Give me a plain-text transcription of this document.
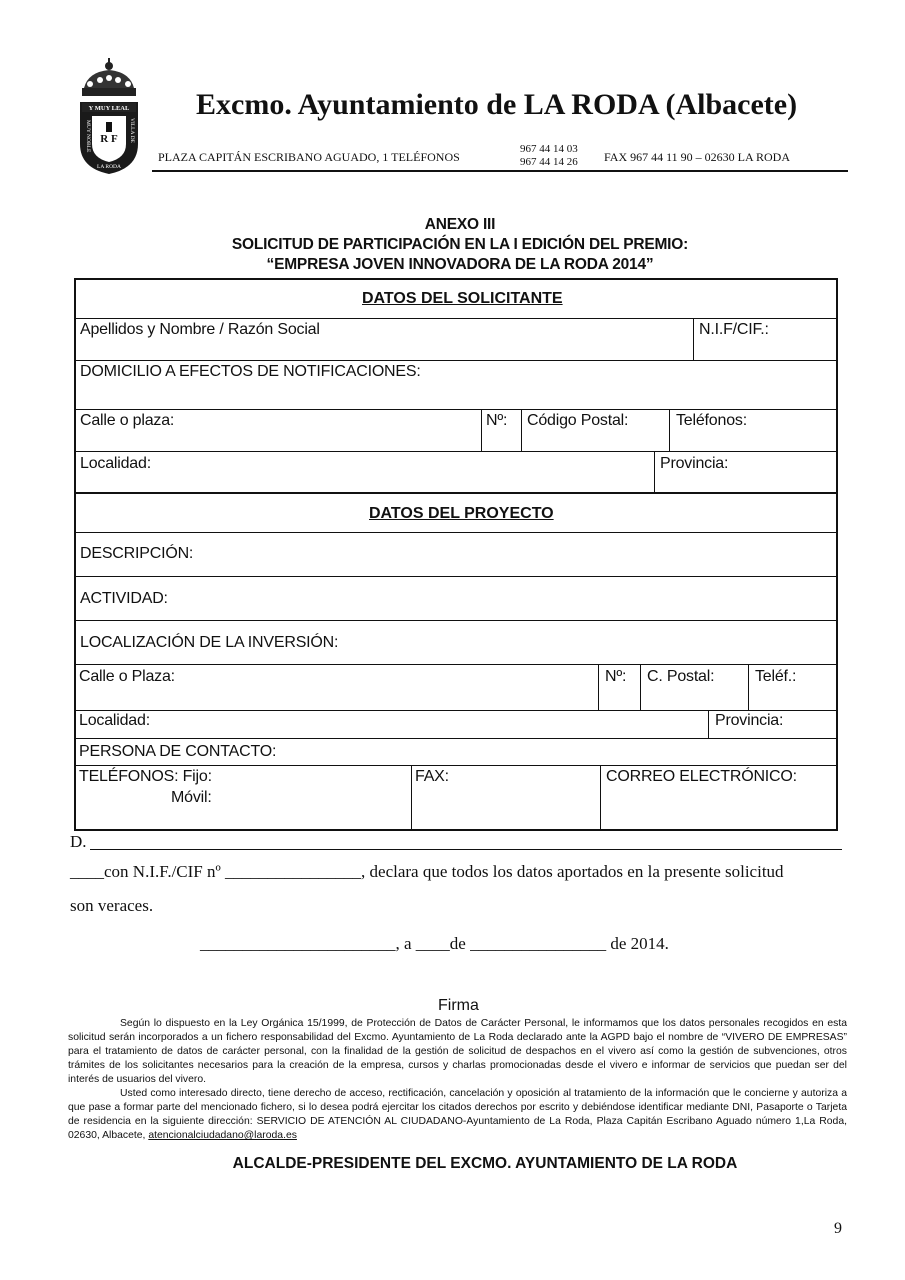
Y MUY LEAL
R F
MUY NOBLE	VILLA DE
LA RODA
Excmo. Ayuntamiento de LA RODA (Albacete)
PLAZA CAPITÁN ESCRIBANO AGUADO, 1 TELÉFONOS
967 44 14 03
967 44 14 26 FAX 967 44 11 90 – 02630 LA RODA
ANEXO III
SOLICITUD DE PARTICIPACIÓN EN LA I EDICIÓN DEL PREMIO:
“EMPRESA JOVEN INNOVADORA DE LA RODA 2014”
DATOS DEL SOLICITANTE
Apellidos y Nombre / Razón Social	N.I.F/CIF.:
DOMICILIO A EFECTOS DE NOTIFICACIONES:
Calle o plaza:	Nº: Código Postal:	Teléfonos:
Localidad:	Provincia:
DATOS DEL PROYECTO
DESCRIPCIÓN:
ACTIVIDAD:
LOCALIZACIÓN DE LA INVERSIÓN:
Calle o Plaza:	Nº: C. Postal:	Teléf.:
Localidad:	Provincia:
PERSONA DE CONTACTO:
TELÉFONOS: Fijo:
Móvil:
FAX:	CORREO ELECTRÓNICO:
D.
____con N.I.F./CIF nº ________________, declara que todos los datos aportados en la presente solicitud
son veraces.
_______________________, a ____de ________________ de 2014.
Firma

Según lo dispuesto en la Ley Orgánica 15/1999, de Protección de Datos de Carácter Personal, le informamos que los datos personales recogidos en esta solicitud serán incorporados a un fichero responsabilidad del Excmo. Ayuntamiento de La Roda declarado ante la AGPD bajo el nombre de “VIVERO DE EMPRESAS” para el tratamiento de datos de carácter personal, con la finalidad de la gestión de solicitud de despachos en el vivero así como la gestión de subvenciones, otros trámites de los solicitantes necesarios para la creación de la empresa, cursos y charlas promocionadas desde el vivero e informar de servicios que puedan ser del interés de usuarios del vivero.

Usted como interesado directo, tiene derecho de acceso, rectificación, cancelación y oposición al tratamiento de la información que le concierne y autoriza a que pase a formar parte del mencionado fichero, si lo desea podrá ejercitar los citados derechos por escrito y debiéndose identificar mediante DNI, Pasaporte o Tarjeta de residencia en la siguiente dirección: SERVICIO DE ATENCIÓN AL CIUDADANO-Ayuntamiento de La Roda, Plaza Capitán Escribano Aguado número 1,La Roda, 02630, Albacete, atencionalciudadano@laroda.es

ALCALDE-PRESIDENTE DEL EXCMO. AYUNTAMIENTO DE LA RODA
9
